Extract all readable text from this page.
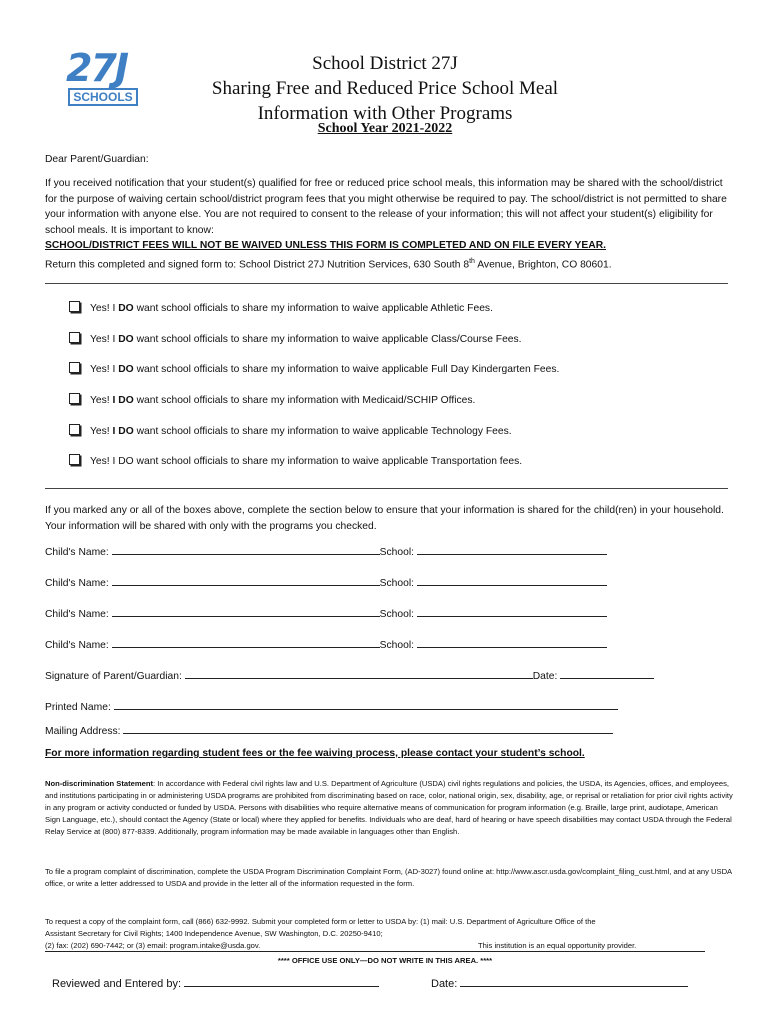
27J
SCHOOLS
School District 27J
Sharing Free and Reduced Price School Meal
Information with Other Programs
School Year 2021-2022
Dear Parent/Guardian:
If you received notification that your student(s) qualified for free or reduced price school meals, this information may be shared with the school/district for the purpose of waiving certain school/district program fees that you might otherwise be required to pay. The school/district is not permitted to share your information with anyone else. You are not required to consent to the release of your information; this will not affect your student(s) eligibility for school meals. It is important to know:
SCHOOL/DISTRICT FEES WILL NOT BE WAIVED UNLESS THIS FORM IS COMPLETED AND ON FILE EVERY YEAR.
Return this completed and signed form to: School District 27J Nutrition Services, 630 South 8th Avenue, Brighton, CO 80601.
Yes! I DO want school officials to share my information to waive applicable Athletic Fees.
Yes! I DO want school officials to share my information to waive applicable Class/Course Fees.
Yes! I DO want school officials to share my information to waive applicable Full Day Kindergarten Fees.
Yes! I DO want school officials to share my information with Medicaid/SCHIP Offices.
Yes! I DO want school officials to share my information to waive applicable Technology Fees.
Yes! I DO want school officials to share my information to waive applicable Transportation fees.
If you marked any or all of the boxes above, complete the section below to ensure that your information is shared for the child(ren) in your household. Your information will be shared with only with the programs you checked.
Child's Name:	School:
Child's Name:	School:
Child's Name:	School:
Child's Name:	School:
Signature of Parent/Guardian:	Date:
Printed Name:
Mailing Address:
For more information regarding student fees or the fee waiving process, please contact your student’s school.
Non-discrimination Statement: In accordance with Federal civil rights law and U.S. Department of Agriculture (USDA) civil rights regulations and policies, the USDA, its Agencies, offices, and employees, and institutions participating in or administering USDA programs are prohibited from discriminating based on race, color, national origin, sex, disability, age, or reprisal or retaliation for prior civil rights activity in any program or activity conducted or funded by USDA. Persons with disabilities who require alternative means of communication for program information (e.g. Braille, large print, audiotape, American Sign Language, etc.), should contact the Agency (State or local) where they applied for benefits. Individuals who are deaf, hard of hearing or have speech disabilities may contact USDA through the Federal Relay Service at (800) 877-8339. Additionally, program information may be made available in languages other than English.
To file a program complaint of discrimination, complete the USDA Program Discrimination Complaint Form, (AD-3027) found online at: http://www.ascr.usda.gov/complaint_filing_cust.html, and at any USDA office, or write a letter addressed to USDA and provide in the letter all of the information requested in the form.
To request a copy of the complaint form, call (866) 632-9992. Submit your completed form or letter to USDA by: (1) mail: U.S. Department of Agriculture Office of the
Assistant Secretary for Civil Rights; 1400 Independence Avenue, SW Washington, D.C. 20250-9410;
(2) fax: (202) 690-7442; or (3) email: program.intake@usda.gov.	This institution is an equal opportunity provider.
**** OFFICE USE ONLY—DO NOT WRITE IN THIS AREA. ****
Reviewed and Entered by:	Date:
